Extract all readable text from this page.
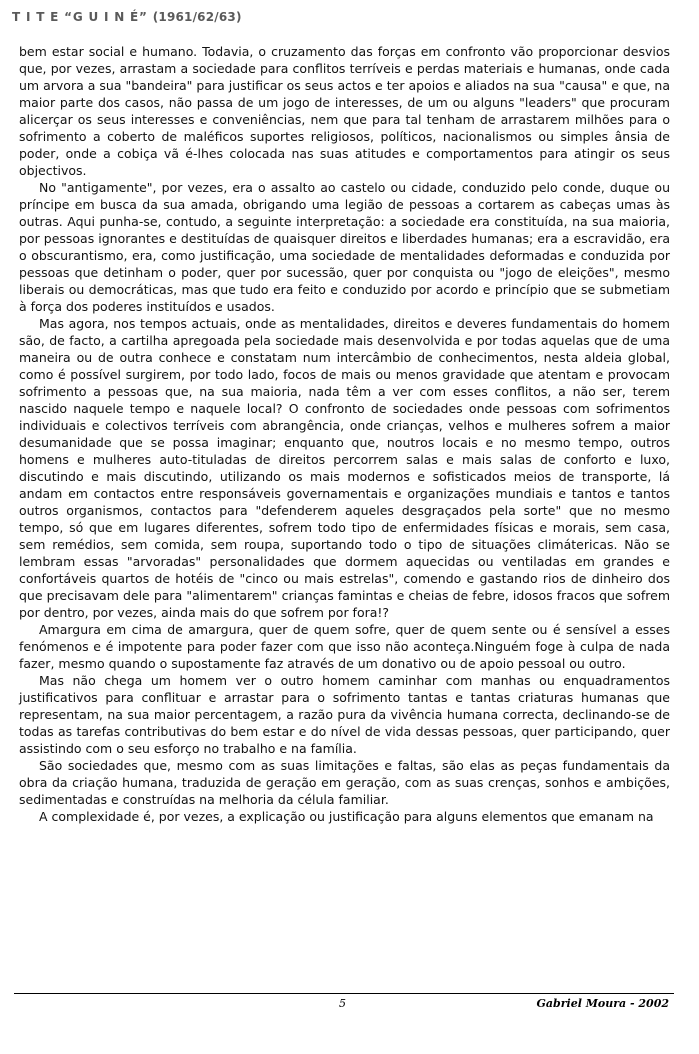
T I T E “G U I N É” (1961/62/63)

bem estar social e humano. Todavia, o cruzamento das forças em confronto vão proporcionar desvios que, por vezes, arrastam a sociedade para conflitos terríveis e perdas materiais e humanas, onde cada um arvora a sua "bandeira" para justificar os seus actos e ter apoios e aliados na sua "causa" e que, na maior parte dos casos, não passa de um jogo de interesses, de um ou alguns "leaders" que procuram alicerçar os seus interesses e conveniências, nem que para tal tenham de arrastarem milhões para o sofrimento a coberto de maléficos suportes religiosos, políticos, nacionalismos ou simples ânsia de poder, onde a cobiça vã é-lhes colocada nas suas atitudes e comportamentos para atingir os seus objectivos.

No "antigamente", por vezes, era o assalto ao castelo ou cidade, conduzido pelo conde, duque ou príncipe em busca da sua amada, obrigando uma legião de pessoas a cortarem as cabeças umas às outras. Aqui punha-se, contudo, a seguinte interpretação: a sociedade era constituída, na sua maioria, por pessoas ignorantes e destituídas de quaisquer direitos e liberdades humanas; era a escravidão, era o obscurantismo, era, como justificação, uma sociedade de mentalidades deformadas e conduzida por pessoas que detinham o poder, quer por sucessão, quer por conquista ou "jogo de eleições", mesmo liberais ou democráticas, mas que tudo era feito e conduzido por acordo e princípio que se submetiam à força dos poderes instituídos e usados.

Mas agora, nos tempos actuais, onde as mentalidades, direitos e deveres fundamentais do homem são, de facto, a cartilha apregoada pela sociedade mais desenvolvida e por todas aquelas que de uma maneira ou de outra conhece e constatam num intercâmbio de conhecimentos, nesta aldeia global, como é possível surgirem, por todo lado, focos de mais ou menos gravidade que atentam e provocam sofrimento a pessoas que, na sua maioria, nada têm a ver com esses conflitos, a não ser, terem nascido naquele tempo e naquele local? O confronto de sociedades onde pessoas com sofrimentos individuais e colectivos terríveis com abrangência, onde crianças, velhos e mulheres sofrem a maior desumanidade que se possa imaginar; enquanto que, noutros locais e no mesmo tempo, outros homens e mulheres auto-tituladas de direitos percorrem salas e mais salas de conforto e luxo, discutindo e mais discutindo, utilizando os mais modernos e sofisticados meios de transporte, lá andam em contactos entre responsáveis governamentais e organizações mundiais e tantos e tantos outros organismos, contactos para "defenderem aqueles desgraçados pela sorte" que no mesmo tempo, só que em lugares diferentes, sofrem todo tipo de enfermidades físicas e morais, sem casa, sem remédios, sem comida, sem roupa, suportando todo o tipo de situações climátericas. Não se lembram essas "arvoradas" personalidades que dormem aquecidas ou ventiladas em grandes e confortáveis quartos de hotéis de "cinco ou mais estrelas", comendo e gastando rios de dinheiro dos que precisavam dele para "alimentarem" crianças famintas e cheias de febre, idosos fracos que sofrem por dentro, por vezes, ainda mais do que sofrem por fora!?

Amargura em cima de amargura, quer de quem sofre, quer de quem sente ou é sensível a esses fenómenos e é impotente para poder fazer com que isso não aconteça.Ninguém foge à culpa de nada fazer, mesmo quando o supostamente faz através de um donativo ou de apoio pessoal ou outro.

Mas não chega um homem ver o outro homem caminhar com manhas ou enquadramentos justificativos para conflituar e arrastar para o sofrimento tantas e tantas criaturas humanas que representam, na sua maior percentagem, a razão pura da vivência humana correcta, declinando-se de todas as tarefas contributivas do bem estar e do nível de vida dessas pessoas, quer participando, quer assistindo com o seu esforço no trabalho e na família.

São sociedades que, mesmo com as suas limitações e faltas, são elas as peças fundamentais da obra da criação humana, traduzida de geração em geração, com as suas crenças, sonhos e ambições, sedimentadas e construídas na melhoria da célula familiar.

A complexidade é, por vezes, a explicação ou justificação para alguns elementos que emanam na

5	Gabriel Moura - 2002
